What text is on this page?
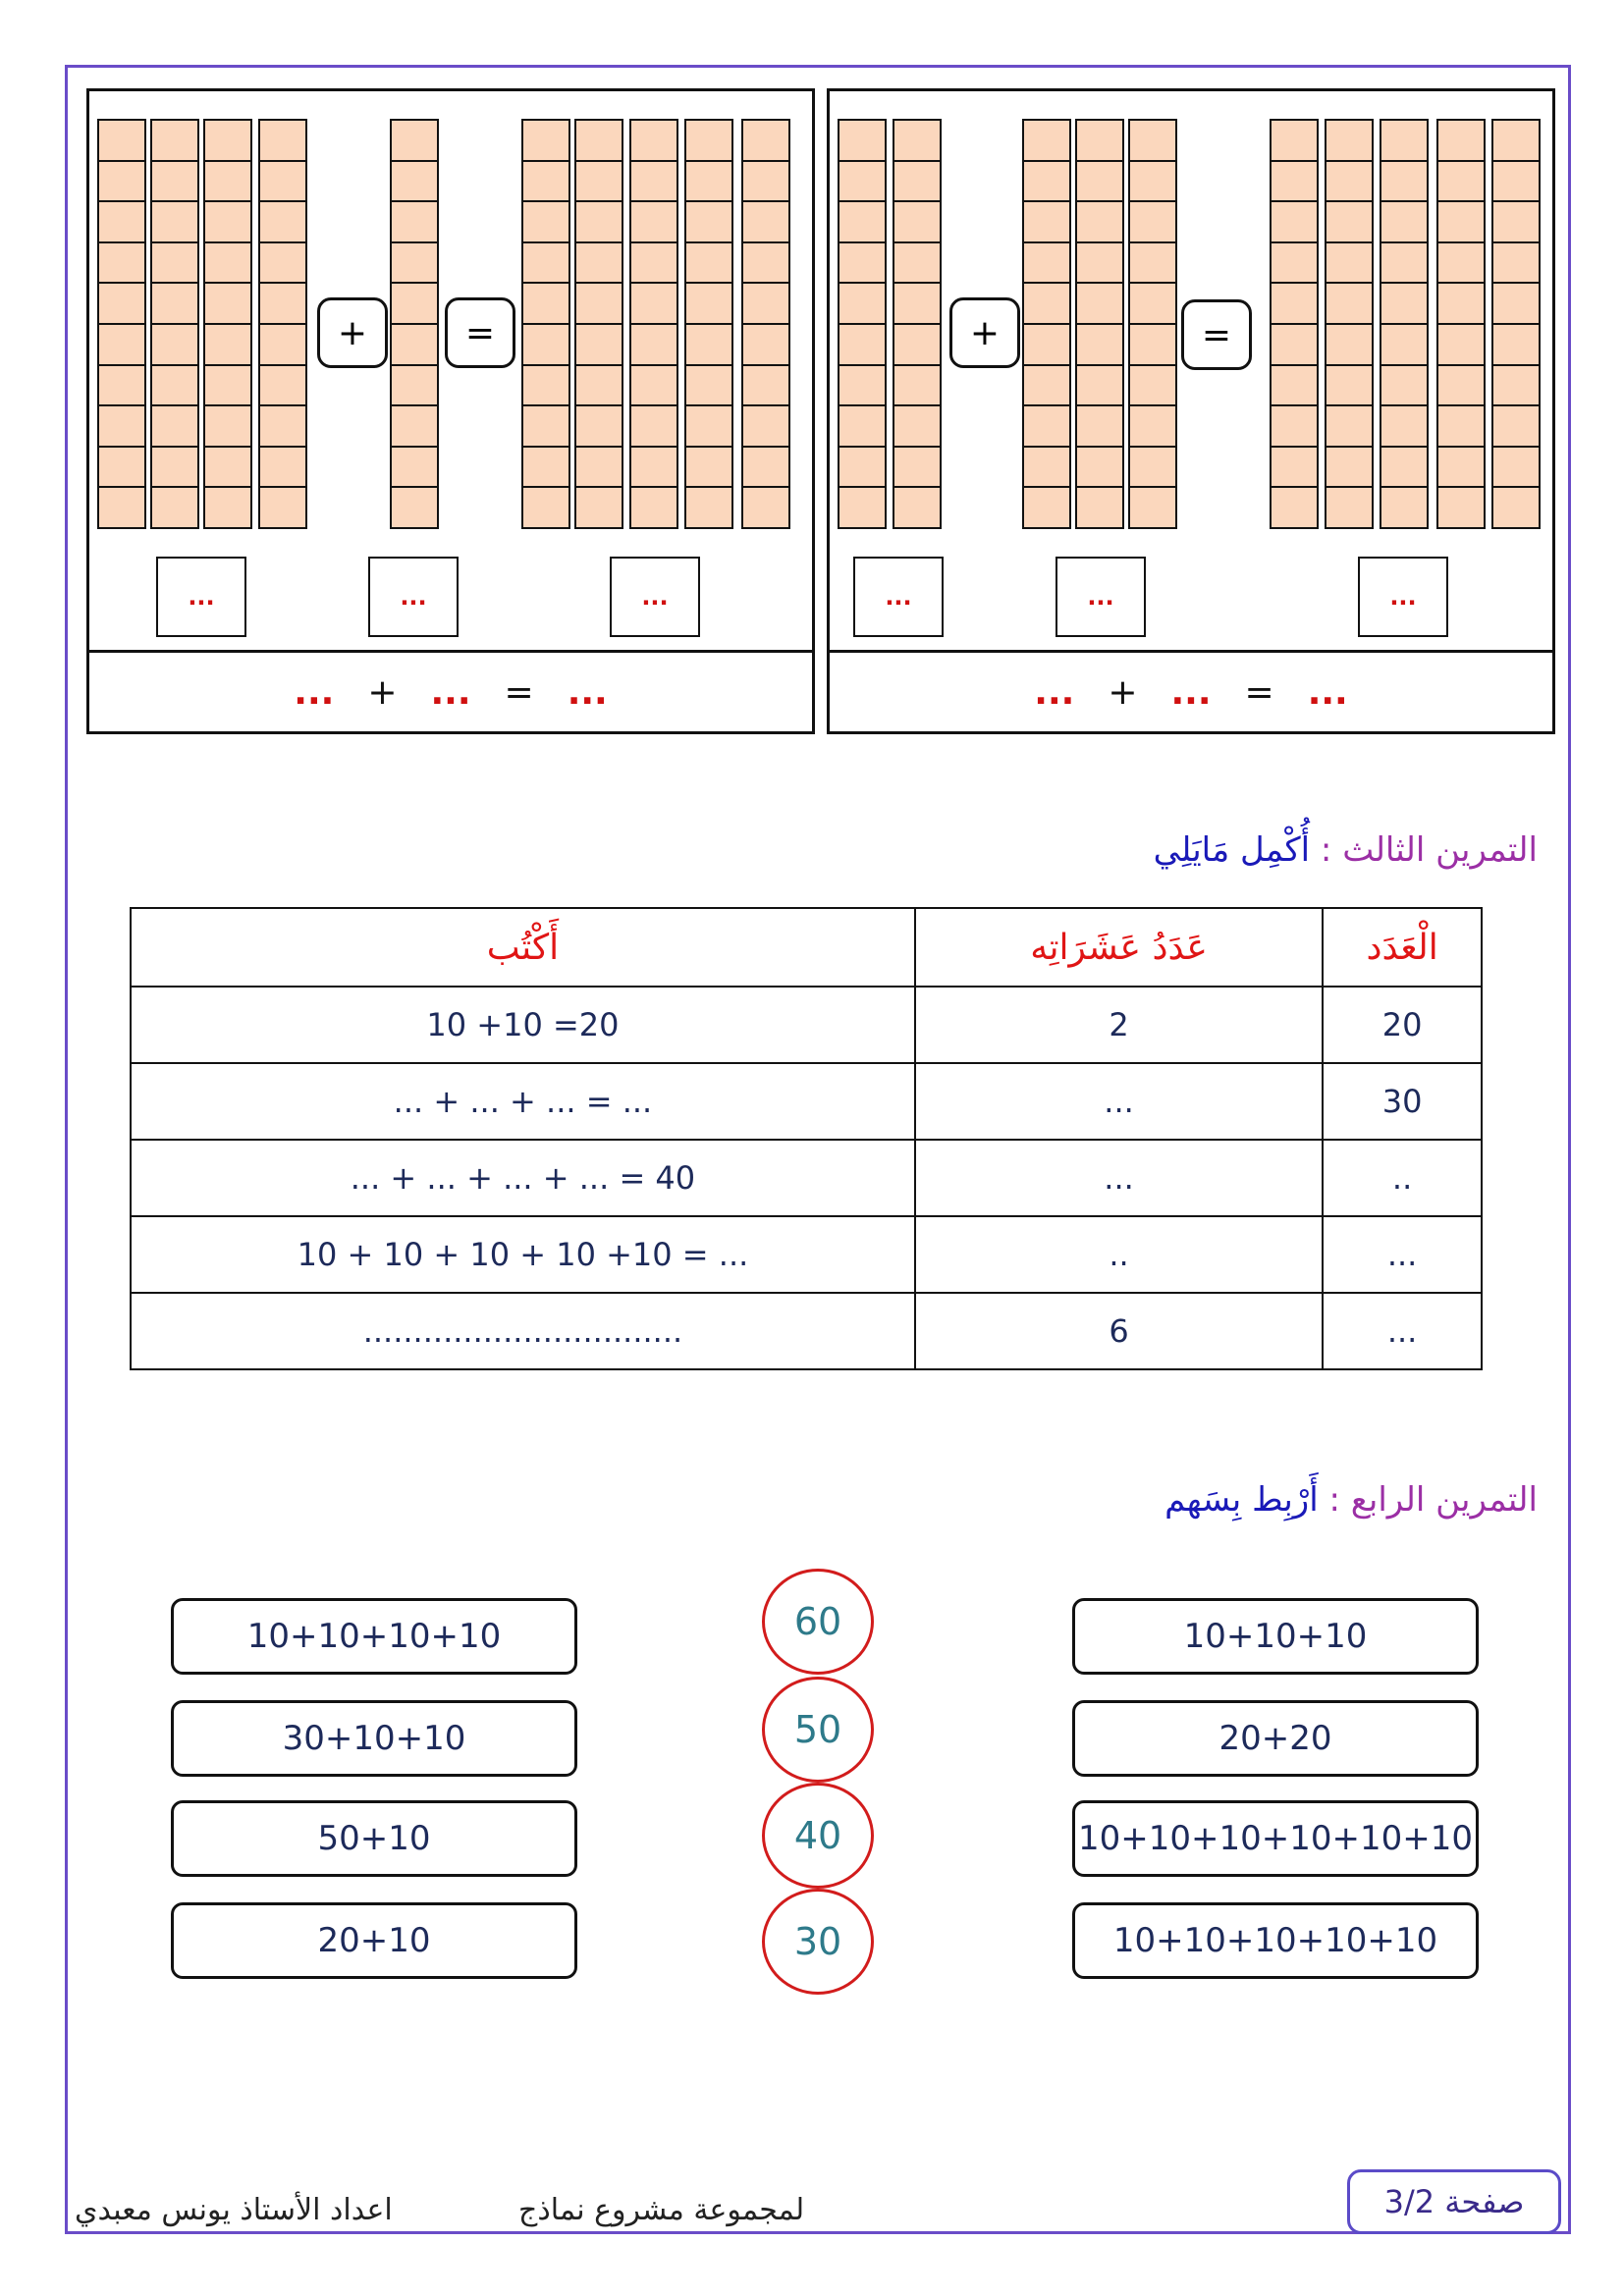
+	=
...	...	...
... + ... = ...
+	=
...	...	...
... + ... = ...
التمرين الثالث : أُكْمِل مَايَلِي
أَكْتُب	عَدَدُ عَشَرَاتِه	الْعَدَد
10 +10 =20	2	20
... + ... + ... = ...	...	30
... + ... + ... + ... = 40	...	..
10 + 10 + 10 + 10 +10 = ...	..	...
................................	6	...
التمرين الرابع : أَرْبِط بِسَهم
10+10+10+10
30+10+10
50+10
20+10
60
50
40
30
10+10+10
20+20
10+10+10+10+10+10
10+10+10+10+10
اعداد الأستاذ يونس معبدي	لمجموعة مشروع نماذج	صفحة 3/2
